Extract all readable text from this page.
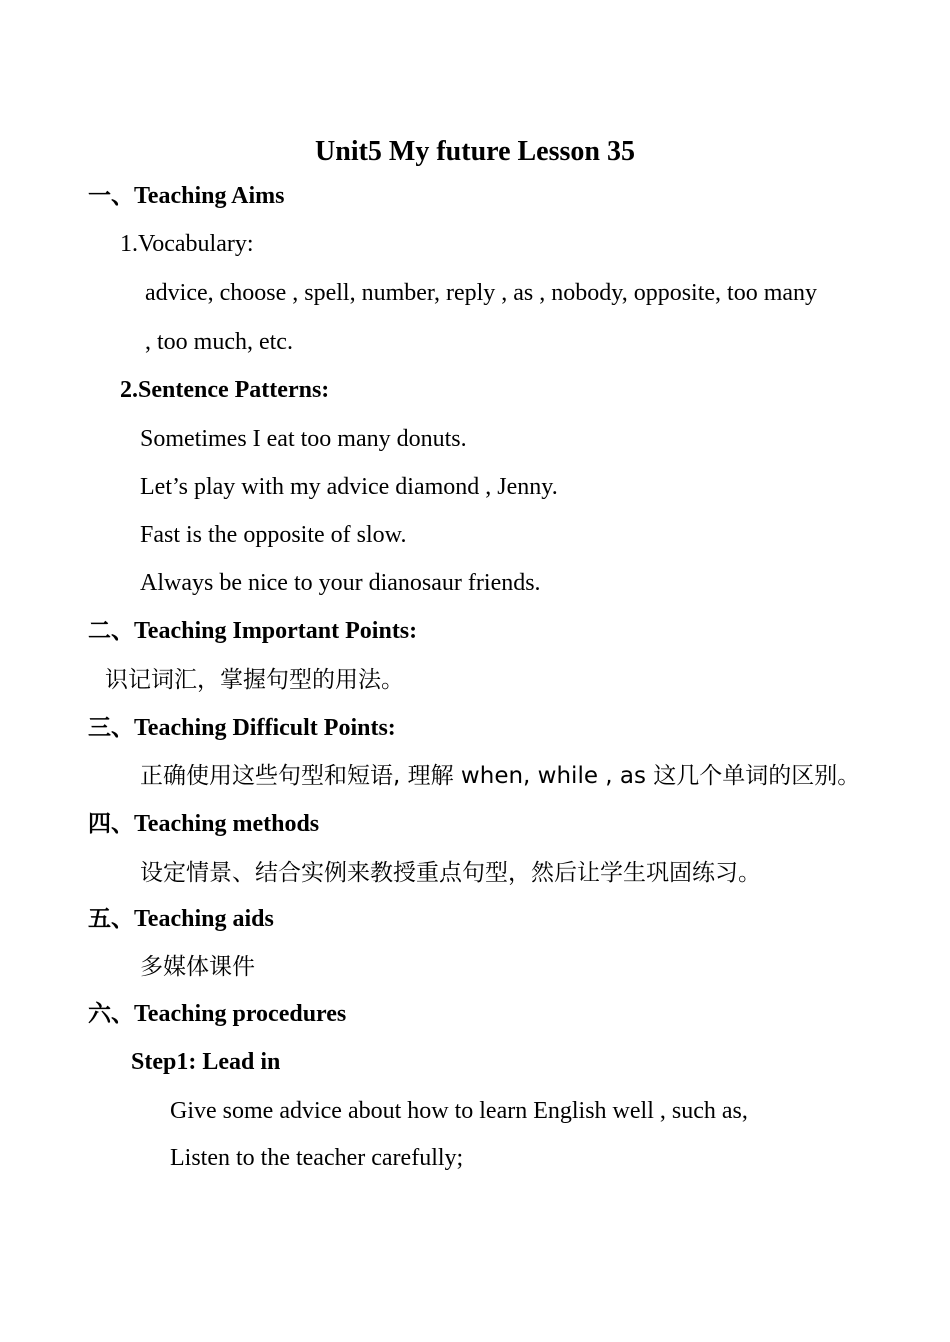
Unit5 My future Lesson 35
一、Teaching Aims
1.Vocabulary:
advice, choose , spell, number, reply , as , nobody, opposite, too many
, too much, etc.
2.Sentence Patterns:
Sometimes I eat too many donuts.
Let’s play with my advice diamond , Jenny.
Fast is the opposite of slow.
Always be nice to your dianosaur friends.
二、Teaching Important Points:
识记词汇，掌握句型的用法。
三、Teaching Difficult Points:
正确使用这些句型和短语, 理解 when, while , as 这几个单词的区别。
四、Teaching methods
设定情景、结合实例来教授重点句型，然后让学生巩固练习。
五、Teaching aids
多媒体课件
六、Teaching procedures
Step1: Lead in
Give some advice about how to learn English well , such as,
Listen to the teacher carefully;
